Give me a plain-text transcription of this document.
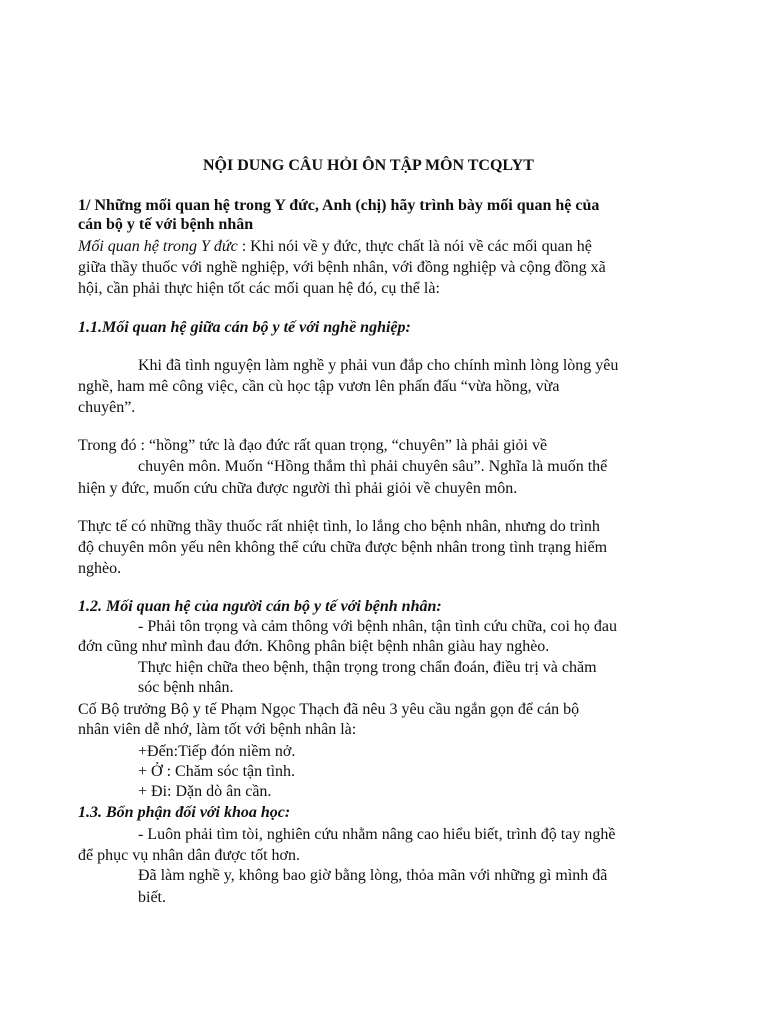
NỘI DUNG CÂU HỎI ÔN TẬP MÔN TCQLYT
1/ Những mối quan hệ trong Y đức, Anh (chị) hãy trình bày mối quan hệ của
cán bộ y tế với bệnh nhân
Mối quan hệ trong Y đức : Khi nói về y đức, thực chất là nói về các mối quan hệ
giữa thầy thuốc với nghề nghiệp, với bệnh nhân, với đồng nghiệp và cộng đồng xã
hội, cần phải thực hiện tốt các mối quan hệ đó, cụ thể là:
1.1.Mối quan hệ giữa cán bộ y tế với nghề nghiệp:
Khi đã tình nguyện làm nghề y phải vun đắp cho chính mình lòng lòng yêu
nghề, ham mê công việc, cần cù học tập vươn lên phấn đấu “vừa hồng, vừa
chuyên”.
Trong đó : “hồng” tức là đạo đức rất quan trọng, “chuyên” là phải giỏi về
chuyên môn. Muốn “Hồng thắm thì phải chuyên sâu”. Nghĩa là muốn thể
hiện y đức, muốn cứu chữa được người thì phải giỏi về chuyên môn.
Thực tế có những thầy thuốc rất nhiệt tình, lo lắng cho bệnh nhân, nhưng do trình
độ chuyên môn yếu nên không thể cứu chữa được bệnh nhân trong tình trạng hiểm
nghèo.
1.2. Mối quan hệ của người cán bộ y tế với bệnh nhân:
- Phải tôn trọng và cảm thông với bệnh nhân, tận tình cứu chữa, coi họ đau
đớn cũng như mình đau đớn. Không phân biệt bệnh nhân giàu hay nghèo.
Thực hiện chữa theo bệnh, thận trọng trong chẩn đoán, điều trị và chăm
sóc bệnh nhân.
Cố Bộ trưởng Bộ y tế Phạm Ngọc Thạch đã nêu 3 yêu cầu ngắn gọn để cán bộ
nhân viên dễ nhớ, làm tốt với bệnh nhân là:
+Đến:Tiếp đón niềm nở.
+ Ở : Chăm sóc tận tình.
+ Đi: Dặn dò ân cần.
1.3. Bổn phận đối với khoa học:
- Luôn phải tìm tòi, nghiên cứu nhằm nâng cao hiểu biết, trình độ tay nghề
để phục vụ nhân dân được tốt hơn.
Đã làm nghề y, không bao giờ bằng lòng, thỏa mãn với những gì mình đã
biết.
